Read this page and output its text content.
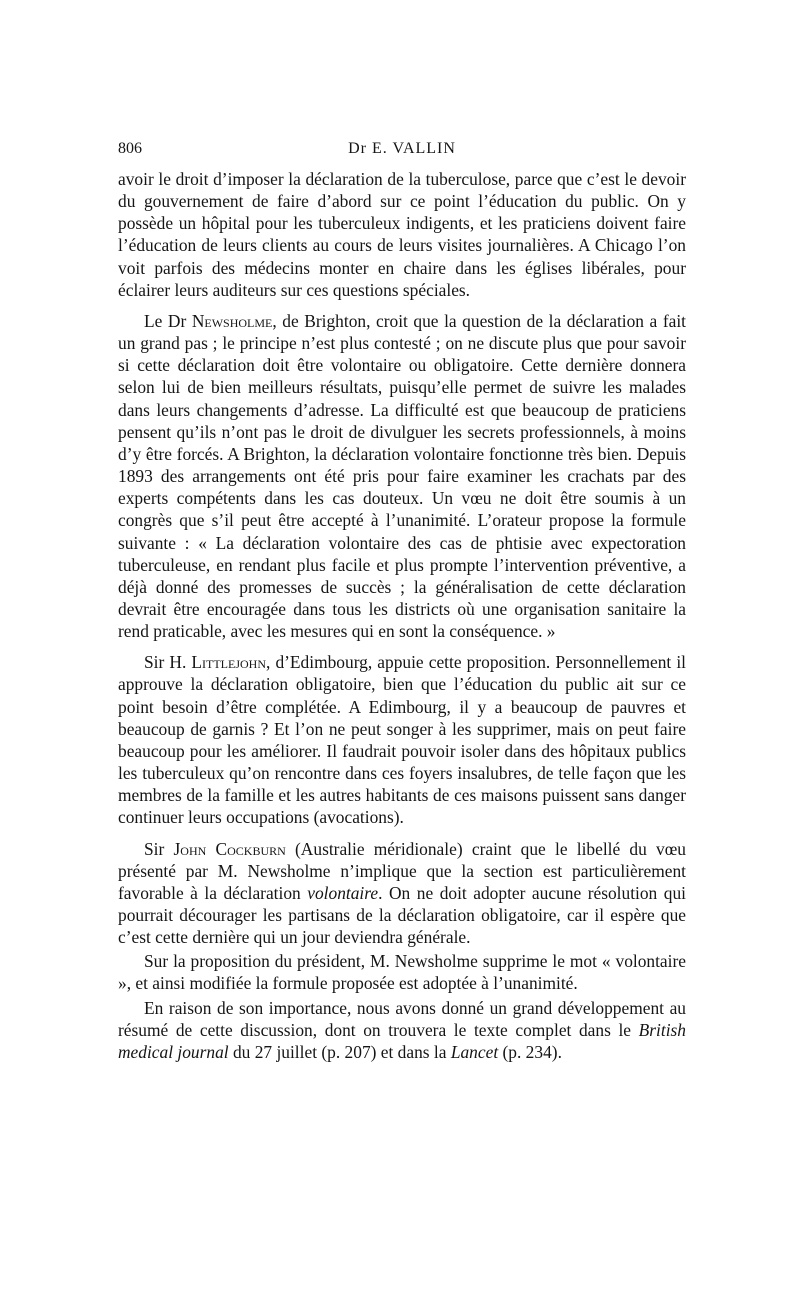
806	Dr E. VALLIN

avoir le droit d’imposer la déclaration de la tuberculose, parce que c’est le devoir du gouvernement de faire d’abord sur ce point l’éducation du public. On y possède un hôpital pour les tuberculeux indigents, et les praticiens doivent faire l’éducation de leurs clients au cours de leurs visites journalières. A Chicago l’on voit parfois des médecins monter en chaire dans les églises libérales, pour éclairer leurs auditeurs sur ces questions spéciales.

Le Dr Newsholme, de Brighton, croit que la question de la déclaration a fait un grand pas ; le principe n’est plus contesté ; on ne discute plus que pour savoir si cette déclaration doit être volontaire ou obligatoire. Cette dernière donnera selon lui de bien meilleurs résultats, puisqu’elle permet de suivre les malades dans leurs changements d’adresse. La difficulté est que beaucoup de praticiens pensent qu’ils n’ont pas le droit de divulguer les secrets professionnels, à moins d’y être forcés. A Brighton, la déclaration volontaire fonctionne très bien. Depuis 1893 des arrangements ont été pris pour faire examiner les crachats par des experts compétents dans les cas douteux. Un vœu ne doit être soumis à un congrès que s’il peut être accepté à l’unanimité. L’orateur propose la formule suivante : « La déclaration volontaire des cas de phtisie avec expectoration tuberculeuse, en rendant plus facile et plus prompte l’intervention préventive, a déjà donné des promesses de succès ; la généralisation de cette déclaration devrait être encouragée dans tous les districts où une organisation sanitaire la rend praticable, avec les mesures qui en sont la conséquence. »

Sir H. Littlejohn, d’Edimbourg, appuie cette proposition. Personnellement il approuve la déclaration obligatoire, bien que l’éducation du public ait sur ce point besoin d’être complétée. A Edimbourg, il y a beaucoup de pauvres et beaucoup de garnis ? Et l’on ne peut songer à les supprimer, mais on peut faire beaucoup pour les améliorer. Il faudrait pouvoir isoler dans des hôpitaux publics les tuberculeux qu’on rencontre dans ces foyers insalubres, de telle façon que les membres de la famille et les autres habitants de ces maisons puissent sans danger continuer leurs occupations (avocations).

Sir John Cockburn (Australie méridionale) craint que le libellé du vœu présenté par M. Newsholme n’implique que la section est particulièrement favorable à la déclaration volontaire. On ne doit adopter aucune résolution qui pourrait décourager les partisans de la déclaration obligatoire, car il espère que c’est cette dernière qui un jour deviendra générale.

Sur la proposition du président, M. Newsholme supprime le mot « volontaire », et ainsi modifiée la formule proposée est adoptée à l’unanimité.

En raison de son importance, nous avons donné un grand développement au résumé de cette discussion, dont on trouvera le texte complet dans le British medical journal du 27 juillet (p. 207) et dans la Lancet (p. 234).
